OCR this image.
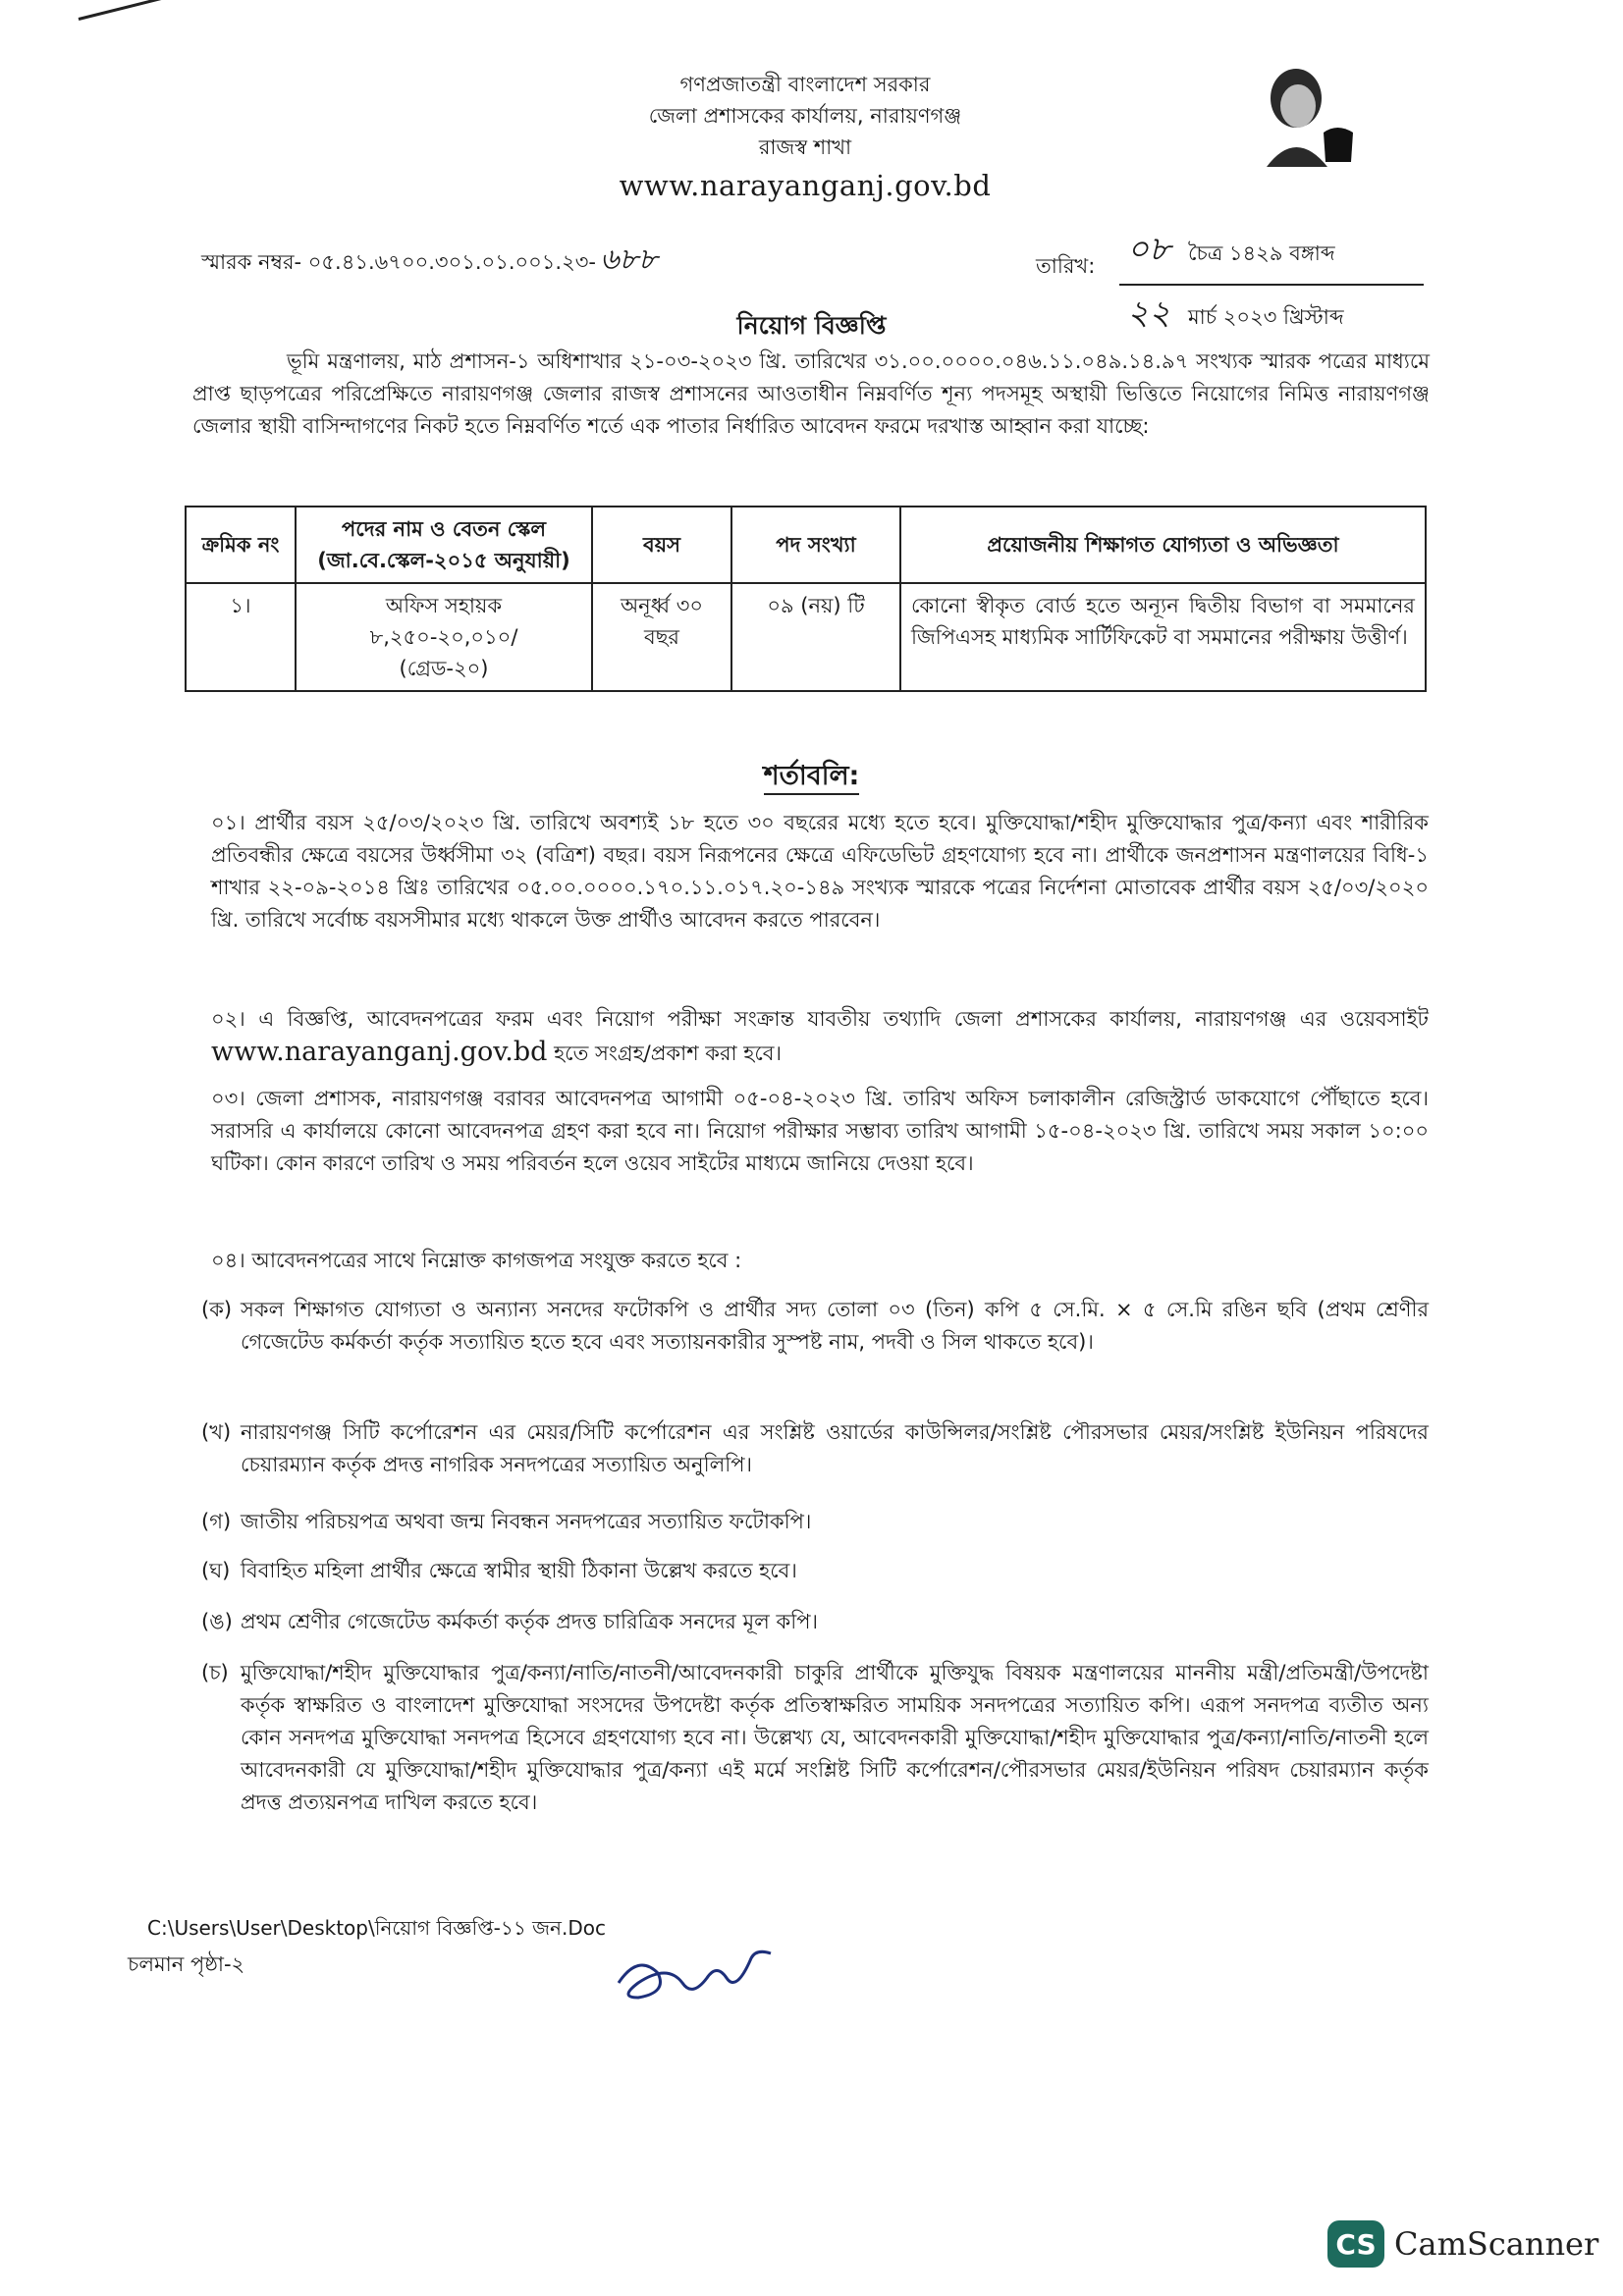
গণপ্রজাতন্ত্রী বাংলাদেশ সরকার
জেলা প্রশাসকের কার্যালয়, নারায়ণগঞ্জ
রাজস্ব শাখা
www.narayanganj.gov.bd
স্মারক নম্বর- ০৫.৪১.৬৭০০.৩০১.০১.০০১.২৩- ৬৮৮	তারিখ: ০৮ চৈত্র ১৪২৯ বঙ্গাব্দ
২২ মার্চ ২০২৩ খ্রিস্টাব্দ
নিয়োগ বিজ্ঞপ্তি
ভূমি মন্ত্রণালয়, মাঠ প্রশাসন-১ অধিশাখার ২১-০৩-২০২৩ খ্রি. তারিখের ৩১.০০.০০০০.০৪৬.১১.০৪৯.১৪.৯৭ সংখ্যক স্মারক পত্রের মাধ্যমে প্রাপ্ত ছাড়পত্রের পরিপ্রেক্ষিতে নারায়ণগঞ্জ জেলার রাজস্ব প্রশাসনের আওতাধীন নিম্নবর্ণিত শূন্য পদসমূহ অস্থায়ী ভিত্তিতে নিয়োগের নিমিত্ত নারায়ণগঞ্জ জেলার স্থায়ী বাসিন্দাগণের নিকট হতে নিম্নবর্ণিত শর্তে এক পাতার নির্ধারিত আবেদন ফরমে দরখাস্ত আহ্বান করা যাচ্ছে:
ক্রমিক নং	পদের নাম ও বেতন স্কেল (জা.বে.স্কেল-২০১৫ অনুযায়ী)	বয়স	পদ সংখ্যা	প্রয়োজনীয় শিক্ষাগত যোগ্যতা ও অভিজ্ঞতা
১।	অফিস সহায়ক
৮,২৫০-২০,০১০/
(গ্রেড-২০)	অনূর্ধ্ব ৩০ বছর	০৯ (নয়) টি	কোনো স্বীকৃত বোর্ড হতে অন্যূন দ্বিতীয় বিভাগ বা সমমানের জিপিএসহ মাধ্যমিক সার্টিফিকেট বা সমমানের পরীক্ষায় উত্তীর্ণ।
শর্তাবলি:
০১। প্রার্থীর বয়স ২৫/০৩/২০২৩ খ্রি. তারিখে অবশ্যই ১৮ হতে ৩০ বছরের মধ্যে হতে হবে। মুক্তিযোদ্ধা/শহীদ মুক্তিযোদ্ধার পুত্র/কন্যা এবং শারীরিক প্রতিবন্ধীর ক্ষেত্রে বয়সের উর্ধ্বসীমা ৩২ (বত্রিশ) বছর। বয়স নিরূপনের ক্ষেত্রে এফিডেভিট গ্রহণযোগ্য হবে না। প্রার্থীকে জনপ্রশাসন মন্ত্রণালয়ের বিধি-১ শাখার ২২-০৯-২০১৪ খ্রিঃ তারিখের ০৫.০০.০০০০.১৭০.১১.০১৭.২০-১৪৯ সংখ্যক স্মারকে পত্রের নির্দেশনা মোতাবেক প্রার্থীর বয়স ২৫/০৩/২০২০ খ্রি. তারিখে সর্বোচ্চ বয়সসীমার মধ্যে থাকলে উক্ত প্রার্থীও আবেদন করতে পারবেন।
০২। এ বিজ্ঞপ্তি, আবেদনপত্রের ফরম এবং নিয়োগ পরীক্ষা সংক্রান্ত যাবতীয় তথ্যাদি জেলা প্রশাসকের কার্যালয়, নারায়ণগঞ্জ এর ওয়েবসাইট www.narayanganj.gov.bd হতে সংগ্রহ/প্রকাশ করা হবে।
০৩। জেলা প্রশাসক, নারায়ণগঞ্জ বরাবর আবেদনপত্র আগামী ০৫-০৪-২০২৩ খ্রি. তারিখ অফিস চলাকালীন রেজিস্ট্রার্ড ডাকযোগে পৌঁছাতে হবে। সরাসরি এ কার্যালয়ে কোনো আবেদনপত্র গ্রহণ করা হবে না। নিয়োগ পরীক্ষার সম্ভাব্য তারিখ আগামী ১৫-০৪-২০২৩ খ্রি. তারিখে সময় সকাল ১০:০০ ঘটিকা। কোন কারণে তারিখ ও সময় পরিবর্তন হলে ওয়েব সাইটের মাধ্যমে জানিয়ে দেওয়া হবে।
০৪। আবেদনপত্রের সাথে নিম্নোক্ত কাগজপত্র সংযুক্ত করতে হবে :
(ক) সকল শিক্ষাগত যোগ্যতা ও অন্যান্য সনদের ফটোকপি ও প্রার্থীর সদ্য তোলা ০৩ (তিন) কপি ৫ সে.মি. × ৫ সে.মি রঙিন ছবি (প্রথম শ্রেণীর গেজেটেড কর্মকর্তা কর্তৃক সত্যায়িত হতে হবে এবং সত্যায়নকারীর সুস্পষ্ট নাম, পদবী ও সিল থাকতে হবে)।
(খ) নারায়ণগঞ্জ সিটি কর্পোরেশন এর মেয়র/সিটি কর্পোরেশন এর সংশ্লিষ্ট ওয়ার্ডের কাউন্সিলর/সংশ্লিষ্ট পৌরসভার মেয়র/সংশ্লিষ্ট ইউনিয়ন পরিষদের চেয়ারম্যান কর্তৃক প্রদত্ত নাগরিক সনদপত্রের সত্যায়িত অনুলিপি।
(গ) জাতীয় পরিচয়পত্র অথবা জন্ম নিবন্ধন সনদপত্রের সত্যায়িত ফটোকপি।
(ঘ) বিবাহিত মহিলা প্রার্থীর ক্ষেত্রে স্বামীর স্থায়ী ঠিকানা উল্লেখ করতে হবে।
(ঙ) প্রথম শ্রেণীর গেজেটেড কর্মকর্তা কর্তৃক প্রদত্ত চারিত্রিক সনদের মূল কপি।
(চ) মুক্তিযোদ্ধা/শহীদ মুক্তিযোদ্ধার পুত্র/কন্যা/নাতি/নাতনী/আবেদনকারী চাকুরি প্রার্থীকে মুক্তিযুদ্ধ বিষয়ক মন্ত্রণালয়ের মাননীয় মন্ত্রী/প্রতিমন্ত্রী/উপদেষ্টা কর্তৃক স্বাক্ষরিত ও বাংলাদেশ মুক্তিযোদ্ধা সংসদের উপদেষ্টা কর্তৃক প্রতিস্বাক্ষরিত সাময়িক সনদপত্রের সত্যায়িত কপি। এরূপ সনদপত্র ব্যতীত অন্য কোন সনদপত্র মুক্তিযোদ্ধা সনদপত্র হিসেবে গ্রহণযোগ্য হবে না। উল্লেখ্য যে, আবেদনকারী মুক্তিযোদ্ধা/শহীদ মুক্তিযোদ্ধার পুত্র/কন্যা/নাতি/নাতনী হলে আবেদনকারী যে মুক্তিযোদ্ধা/শহীদ মুক্তিযোদ্ধার পুত্র/কন্যা এই মর্মে সংশ্লিষ্ট সিটি কর্পোরেশন/পৌরসভার মেয়র/ইউনিয়ন পরিষদ চেয়ারম্যান কর্তৃক প্রদত্ত প্রত্যয়নপত্র দাখিল করতে হবে।
C:\Users\User\Desktop\নিয়োগ বিজ্ঞপ্তি-১১ জন.Doc
চলমান পৃষ্ঠা-২
CS CamScanner
